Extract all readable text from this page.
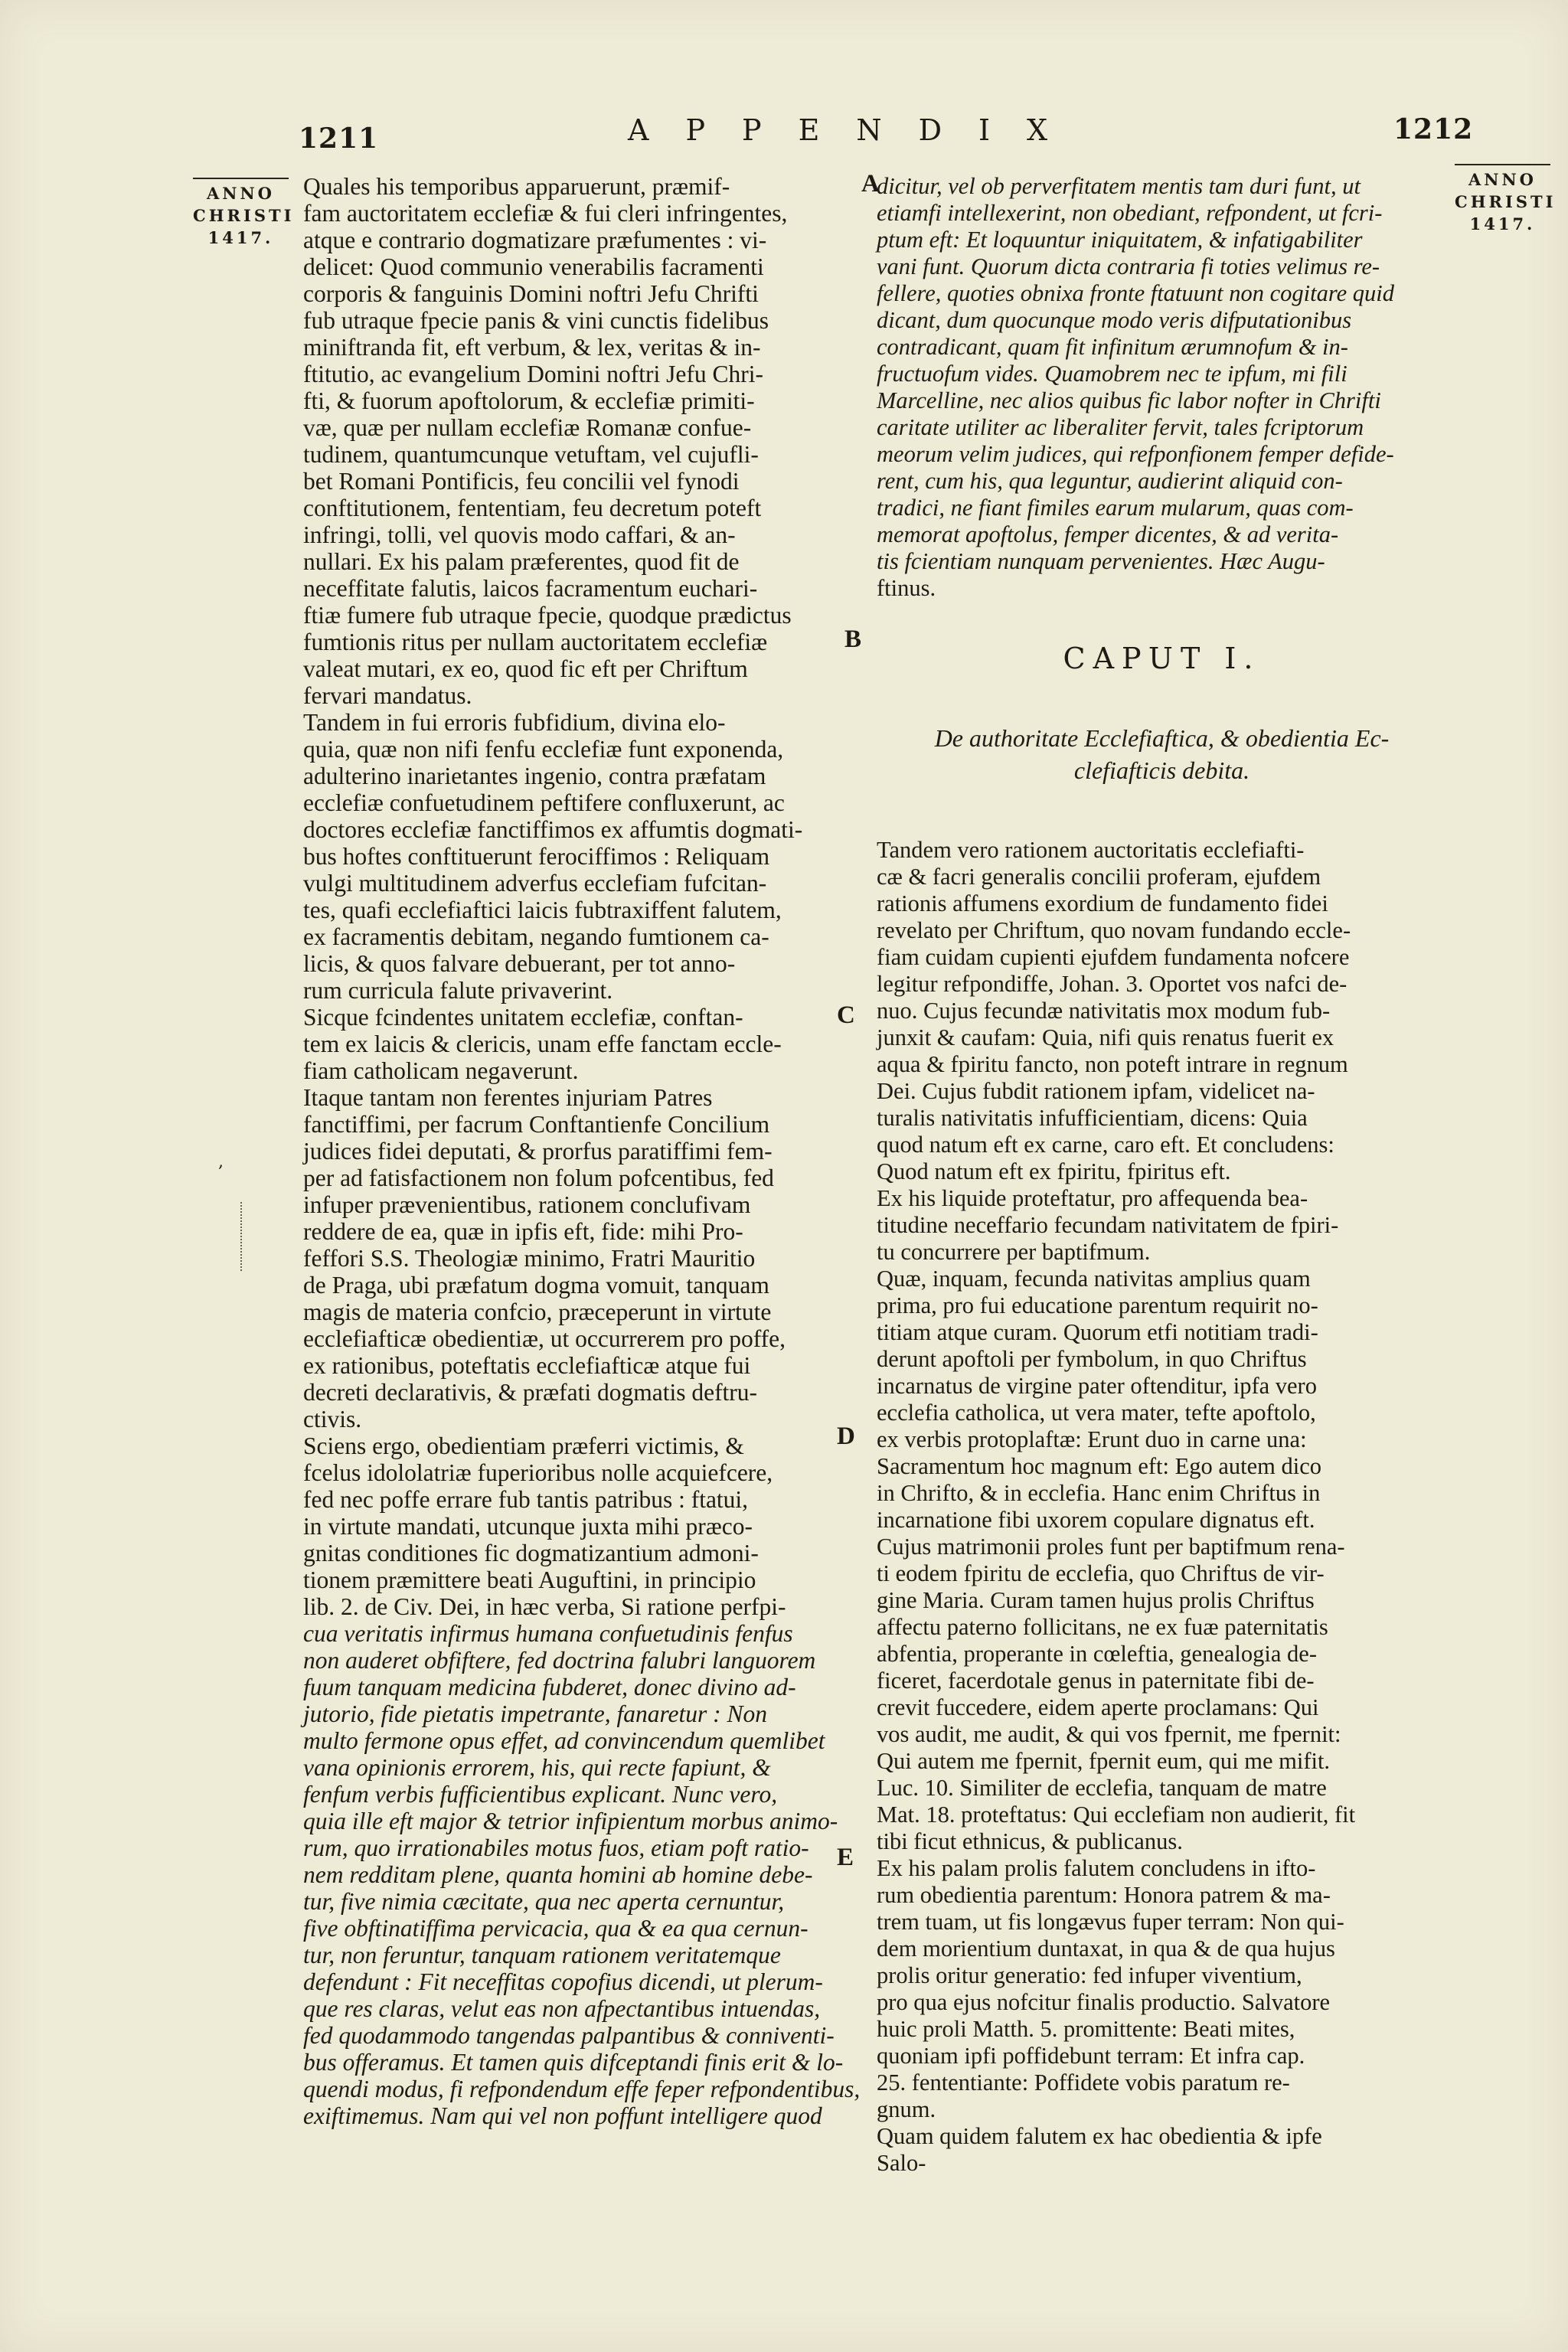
1211	APPENDIX	1212
ANNO
CHRISTI
1417.
ANNO
CHRISTI
1417.
A
B
C
D
E
Quales his temporibus apparuerunt, præmif-
fam auctoritatem ecclefiæ & fui cleri infringentes,
atque e contrario dogmatizare præfumentes : vi-
delicet: Quod communio venerabilis facramenti
corporis & fanguinis Domini noftri Jefu Chrifti
fub utraque fpecie panis & vini cunctis fidelibus
miniftranda fit, eft verbum, & lex, veritas & in-
ftitutio, ac evangelium Domini noftri Jefu Chri-
fti, & fuorum apoftolorum, & ecclefiæ primiti-
væ, quæ per nullam ecclefiæ Romanæ confue-
tudinem, quantumcunque vetuftam, vel cujufli-
bet Romani Pontificis, feu concilii vel fynodi
conftitutionem, fententiam, feu decretum poteft
infringi, tolli, vel quovis modo caffari, & an-
nullari. Ex his palam præferentes, quod fit de
neceffitate falutis, laicos facramentum euchari-
ftiæ fumere fub utraque fpecie, quodque prædictus
fumtionis ritus per nullam auctoritatem ecclefiæ
valeat mutari, ex eo, quod fic eft per Chriftum
fervari mandatus.
Tandem in fui erroris fubfidium, divina elo-
quia, quæ non nifi fenfu ecclefiæ funt exponenda,
adulterino inarietantes ingenio, contra præfatam
ecclefiæ confuetudinem peftifere confluxerunt, ac
doctores ecclefiæ fanctiffimos ex affumtis dogmati-
bus hoftes conftituerunt ferociffimos : Reliquam
vulgi multitudinem adverfus ecclefiam fufcitan-
tes, quafi ecclefiaftici laicis fubtraxiffent falutem,
ex facramentis debitam, negando fumtionem ca-
licis, & quos falvare debuerant, per tot anno-
rum curricula falute privaverint.
Sicque fcindentes unitatem ecclefiæ, conftan-
tem ex laicis & clericis, unam effe fanctam eccle-
fiam catholicam negaverunt.
Itaque tantam non ferentes injuriam Patres
fanctiffimi, per facrum Conftantienfe Concilium
judices fidei deputati, & prorfus paratiffimi fem-
per ad fatisfactionem non folum pofcentibus, fed
infuper prævenientibus, rationem conclufivam
reddere de ea, quæ in ipfis eft, fide: mihi Pro-
feffori S.S. Theologiæ minimo, Fratri Mauritio
de Praga, ubi præfatum dogma vomuit, tanquam
magis de materia confcio, præceperunt in virtute
ecclefiafticæ obedientiæ, ut occurrerem pro poffe,
ex rationibus, poteftatis ecclefiafticæ atque fui
decreti declarativis, & præfati dogmatis deftru-
ctivis.
Sciens ergo, obedientiam præferri victimis, &
fcelus idololatriæ fuperioribus nolle acquiefcere,
fed nec poffe errare fub tantis patribus : ftatui,
in virtute mandati, utcunque juxta mihi præco-
gnitas conditiones fic dogmatizantium admoni-
tionem præmittere beati Auguftini, in principio
lib. 2. de Civ. Dei, in hæc verba, Si ratione perfpi-
cua veritatis infirmus humana confuetudinis fenfus
non auderet obfiftere, fed doctrina falubri languorem
fuum tanquam medicina fubderet, donec divino ad-
jutorio, fide pietatis impetrante, fanaretur : Non
multo fermone opus effet, ad convincendum quemlibet
vana opinionis errorem, his, qui recte fapiunt, &
fenfum verbis fufficientibus explicant. Nunc vero,
quia ille eft major & tetrior infipientum morbus animo-
rum, quo irrationabiles motus fuos, etiam poft ratio-
nem redditam plene, quanta homini ab homine debe-
tur, five nimia cæcitate, qua nec aperta cernuntur,
five obftinatiffima pervicacia, qua & ea qua cernun-
tur, non feruntur, tanquam rationem veritatemque
defendunt : Fit neceffitas copofius dicendi, ut plerum-
que res claras, velut eas non afpectantibus intuendas,
fed quodammodo tangendas palpantibus & conniventi-
bus offeramus. Et tamen quis difceptandi finis erit & lo-
quendi modus, fi refpondendum effe feper refpondentibus,
exiftimemus. Nam qui vel non poffunt intelligere quod
dicitur, vel ob perverfitatem mentis tam duri funt, ut
etiamfi intellexerint, non obediant, refpondent, ut fcri-
ptum eft: Et loquuntur iniquitatem, & infatigabiliter
vani funt. Quorum dicta contraria fi toties velimus re-
fellere, quoties obnixa fronte ftatuunt non cogitare quid
dicant, dum quocunque modo veris difputationibus
contradicant, quam fit infinitum ærumnofum & in-
fructuofum vides. Quamobrem nec te ipfum, mi fili
Marcelline, nec alios quibus fic labor nofter in Chrifti
caritate utiliter ac liberaliter fervit, tales fcriptorum
meorum velim judices, qui refponfionem femper defide-
rent, cum his, qua leguntur, audierint aliquid con-
tradici, ne fiant fimiles earum mularum, quas com-
memorat apoftolus, femper dicentes, & ad verita-
tis fcientiam nunquam pervenientes. Hæc Augu-
ftinus.
Tandem vero rationem auctoritatis ecclefiafti-
cæ & facri generalis concilii proferam, ejufdem
rationis affumens exordium de fundamento fidei
revelato per Chriftum, quo novam fundando eccle-
fiam cuidam cupienti ejufdem fundamenta nofcere
legitur refpondiffe, Johan. 3. Oportet vos nafci de-
nuo. Cujus fecundæ nativitatis mox modum fub-
junxit & caufam: Quia, nifi quis renatus fuerit ex
aqua & fpiritu fancto, non poteft intrare in regnum
Dei. Cujus fubdit rationem ipfam, videlicet na-
turalis nativitatis infufficientiam, dicens: Quia
quod natum eft ex carne, caro eft. Et concludens:
Quod natum eft ex fpiritu, fpiritus eft.
Ex his liquide proteftatur, pro affequenda bea-
titudine neceffario fecundam nativitatem de fpiri-
tu concurrere per baptifmum.
Quæ, inquam, fecunda nativitas amplius quam
prima, pro fui educatione parentum requirit no-
titiam atque curam. Quorum etfi notitiam tradi-
derunt apoftoli per fymbolum, in quo Chriftus
incarnatus de virgine pater oftenditur, ipfa vero
ecclefia catholica, ut vera mater, tefte apoftolo,
ex verbis protoplaftæ: Erunt duo in carne una:
Sacramentum hoc magnum eft: Ego autem dico
in Chrifto, & in ecclefia. Hanc enim Chriftus in
incarnatione fibi uxorem copulare dignatus eft.
Cujus matrimonii proles funt per baptifmum rena-
ti eodem fpiritu de ecclefia, quo Chriftus de vir-
gine Maria. Curam tamen hujus prolis Chriftus
affectu paterno follicitans, ne ex fuæ paternitatis
abfentia, properante in cœleftia, genealogia de-
ficeret, facerdotale genus in paternitate fibi de-
crevit fuccedere, eidem aperte proclamans: Qui
vos audit, me audit, & qui vos fpernit, me fpernit:
Qui autem me fpernit, fpernit eum, qui me mifit.
Luc. 10. Similiter de ecclefia, tanquam de matre
Mat. 18. proteftatus: Qui ecclefiam non audierit, fit
tibi ficut ethnicus, & publicanus.
Ex his palam prolis falutem concludens in ifto-
rum obedientia parentum: Honora patrem & ma-
trem tuam, ut fis longævus fuper terram: Non qui-
dem morientium duntaxat, in qua & de qua hujus
prolis oritur generatio: fed infuper viventium,
pro qua ejus nofcitur finalis productio. Salvatore
huic proli Matth. 5. promittente: Beati mites,
quoniam ipfi poffidebunt terram: Et infra cap.
25. fententiante: Poffidete vobis paratum re-
gnum.
Quam quidem falutem ex hac obedientia & ipfe
Salo-
CAPUT I.
De authoritate Ecclefiaftica, & obedientia Ec-
clefiafticis debita.
,
